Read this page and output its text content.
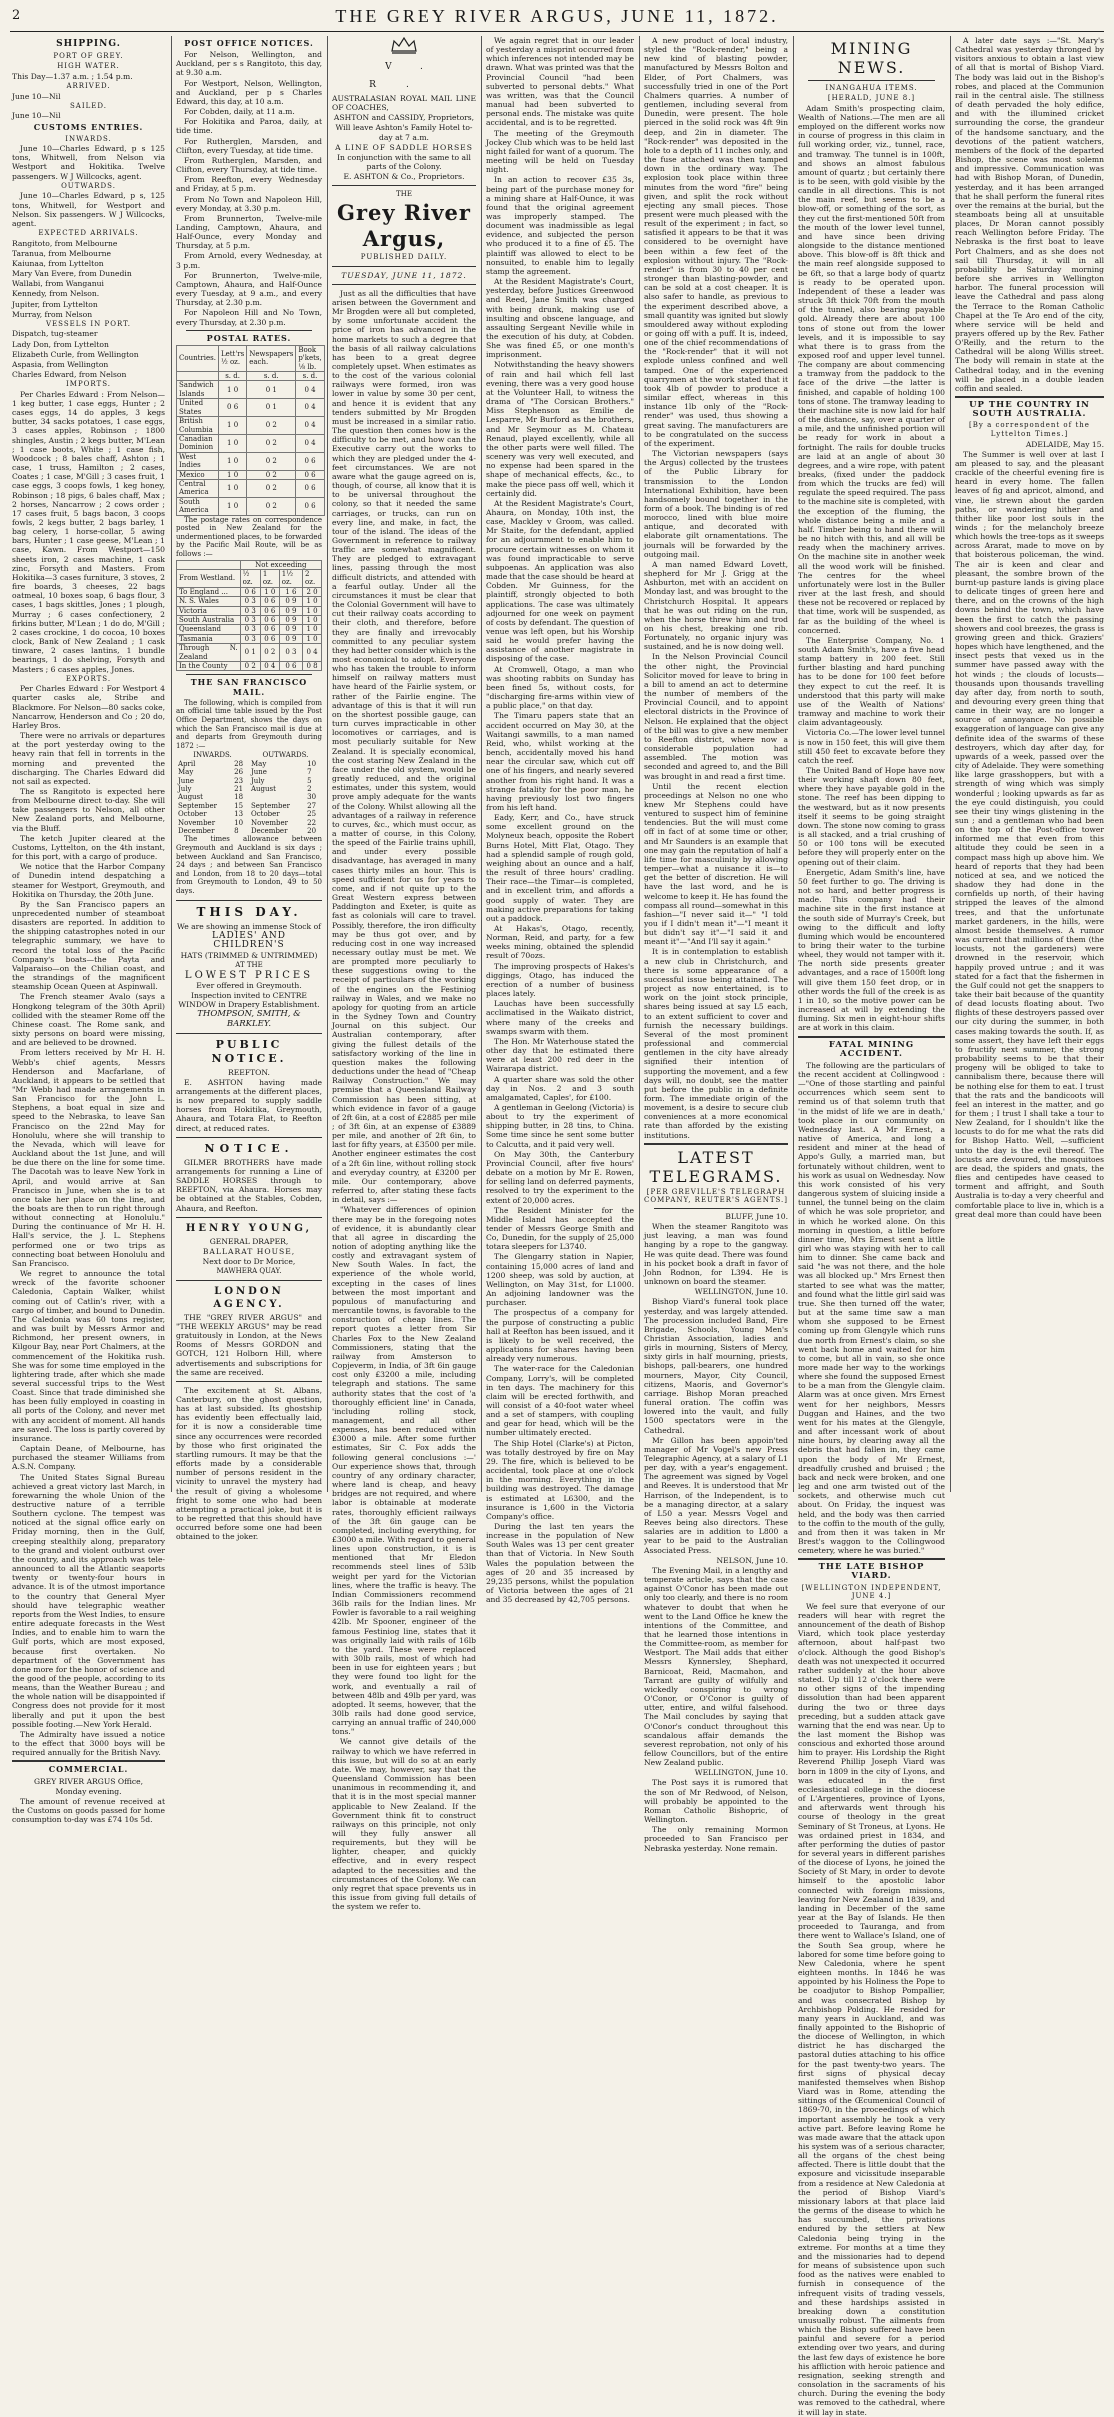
2	THE GREY RIVER ARGUS, JUNE 11, 1872.

SHIPPING.

PORT OF GREY.

HIGH WATER.

This Day—1.37 a.m. ; 1.54 p.m.

ARRIVED.

June 10—Nil

SAILED.

June 10—Nil

CUSTOMS ENTRIES.

INWARDS.

June 10—Charles Edward, p s 125 tons, Whitwell, from Nelson via Westport and Hokitika. Twelve passengers. W J Willcocks, agent.

OUTWARDS.

June 10—Charles Edward, p s, 125 tons, Whitwell, for Westport and Nelson. Six passengers. W J Willcocks, agent.

EXPECTED ARRIVALS.

Rangitoto, from Melbourne

Taranua, from Melbourne

Kaiunaa, from Lyttelton

Mary Van Evere, from Dunedin

Wallabi, from Wanganui

Kennedy, from Nelson.

Jupiter, from Lyttelton

Murray, from Nelson

VESSELS IN PORT.

Dispatch, tug-steamer

Lady Don, from Lyttelton

Elizabeth Curle, from Wellington

Aspasia, from Wellington

Charles Edward, from Nelson

IMPORTS.

Per Charles Edward : From Nelson—1 keg butter, 1 case eggs, Hunter ; 2 cases eggs, 14 do apples, 3 kegs butter, 34 sacks potatoes, 1 case eggs, 3 cases apples, Robinson ; 1800 shingles, Austin ; 2 kegs butter, M'Lean ; 1 case boots, White ; 1 case fish, Woodcock ; 8 bales chaff, Ashton ; 1 case, 1 truss, Hamilton ; 2 cases, Coates ; 1 case, M'Gill ; 3 cases fruit, 1 case eggs, 3 coops fowls, 1 keg honey, Robinson ; 18 pigs, 6 bales chaff, Max ; 2 horses, Nancarrow ; 2 cows order ; 17 cases fruit, 5 bags bacon, 3 coops fowls, 2 kegs butter, 2 bags barley, 1 bag celery, 1 horse-collar, 5 awing bars, Hunter ; 1 case geese, M'Lean ; 1 case, Kawn. From Westport—150 sheets iron, 2 cases machine, 1 cask zinc, Forsyth and Masters. From Hokitika—3 cases furniture, 3 stoves, 2 fire boards, 3 cheeses, 22 bags oatmeal, 10 boxes soap, 6 bags flour, 3 cases, 1 bags skittles, Jones ; 1 plough, Murray ; 6 cases confectionery, 2 firkins butter, M'Lean ; 1 do do, M'Gill ; 2 cases crockine, 1 do cocoa, 10 boxes clock, Bank of New Zealand ; 1 cask tinware, 2 cases lantins, 1 bundle bearings, 1 do shelving, Forsyth and Masters ; 6 cases apples, Jones.

EXPORTS.

Per Charles Edward : For Westport 4 quarter casks ale, Stribe and Blackmore. For Nelson—80 sacks coke, Nancarrow, Henderson and Co ; 20 do, Harley Bros.

There were no arrivals or departures at the port yesterday owing to the heavy rain that fell in torrents in the morning and prevented the discharging. The Charles Edward did not sail as expected.

The ss Rangitoto is expected here from Melbourne direct to-day. She will take passengers to Nelson, all other New Zealand ports, and Melbourne, via the Bluff.

The ketch Jupiter cleared at the Customs, Lyttelton, on the 4th instant, for this port, with a cargo of produce.

We notice that the Harbor Company of Dunedin intend despatching a steamer for Westport, Greymouth, and Hokitika on Thursday, the 20th June.

By the San Francisco papers an unprecedented number of steamboat disasters are reported. In addition to the shipping catastrophes noted in our telegraphic summary, we have to record the total loss of the Pacific Company's boats—the Payta and Valparaiso—on the Chilian coast, and the strandings of the magnificent steamship Ocean Queen at Aspinwall.

The French steamer Avalo (says a Hongkong telegram of the 30th April) collided with the steamer Rome off the Chinese coast. The Rome sank, and sixty persons on board were missing, and are believed to be drowned.

From letters received by Mr H. H. Webb's chief agents, Messrs Henderson and Macfarlane, of Auckland, it appears to be settled that "Mr Webb had made arrangements in San Francisco for the John L. Stephens, a boat equal in size and speed to the Nebraska, to leave San Francisco on the 22nd May for Honolulu, where she will tranship to the Nevada, which will leave for Auckland about the 1st June, and will be due there on the line for some time. The Dacotah was to leave New York in April, and would arrive at San Francisco in June, when she is to at once take her place on the line, and the boats are then to run right through without connecting at Honolulu." During the continuance of Mr H. H. Hall's service, the J. L. Stephens performed one or two trips as connecting boat between Honolulu and San Francisco.

We regret to announce the total wreck of the favorite schooner Caledonia, Captain Walker, whilst coming out of Catlin's river, with a cargo of timber, and bound to Dunedin. The Caledonia was 60 tons register, and was built by Messrs Armor and Richmond, her present owners, in Kilgour Bay, near Port Chalmers, at the commencement of the Hokitika rush. She was for some time employed in the lightering trade, after which she made several successful trips to the West Coast. Since that trade diminished she has been fully employed in coasting in all ports of the Colony, and never met with any accident of moment. All hands are saved. The loss is partly covered by insurance.

Captain Deane, of Melbourne, has purchased the steamer Williams from A.S.N. Company.

The United States Signal Bureau achieved a great victory last March, in forewarning the whole Union of the destructive nature of a terrible Southern cyclone. The tempest was noticed at the signal office early on Friday morning, then in the Gulf, creeping stealthily along, preparatory to the grand and violent outburst over the country, and its approach was tele-announced to all the Atlantic seaports twenty or twenty-four hours in advance. It is of the utmost importance to the country that General Myer should have telegraphic weather reports from the West Indies, to ensure entire adequate forecasts in the West Indies, and to enable him to warn the Gulf ports, which are most exposed, because first overtaken. No department of the Government has done more for the honor of science and the good of the people, according to its means, than the Weather Bureau ; and the whole nation will be disappointed if Congress does not provide for it most liberally and put it upon the best possible footing.—New York Herald.

The Admiralty have issued a notice to the effect that 3000 boys will be required annually for the British Navy.

COMMERCIAL.

GREY RIVER ARGUS Office,

Monday evening.

The amount of revenue received at the Customs on goods passed for home consumption to-day was £74 10s 5d.

POST OFFICE NOTICES.

For Nelson, Wellington, and Auckland, per s s Rangitoto, this day, at 9.30 a.m.

For Westport, Nelson, Wellington, and Auckland, per p s Charles Edward, this day, at 10 a.m.

For Cobden, daily, at 11 a.m.

For Hokitika and Paroa, daily, at tide time.

For Rutherglen, Marsden, and Clifton, every Tuesday, at tide time.

From Rutherglen, Marsden, and Clifton, every Thursday, at tide time.

From Reefton, every Wednesday and Friday, at 5 p.m.

From No Town and Napoleon Hill, every Monday, at 3.30 p.m.

From Brunnerton, Twelve-mile Landing, Camptown, Ahaura, and Half-Ounce, every Monday and Thursday, at 5 p.m.

From Arnold, every Wednesday, at 3 p.m.

For Brunnerton, Twelve-mile, Camptown, Ahaura, and Half-Ounce every Tuesday, at 9 a.m., and every Thursday, at 2.30 p.m.

For Napoleon Hill and No Town, every Thursday, at 2.30 p.m.

POSTAL RATES.

Countries.	Lett'rs ½ oz.	Newspapers each.	Book p'kets, ⅛ lb.
	s. d.	s. d.	s. d.
Sandwich Islands	1 0	0 1	0 4
United States	0 6	0 1	0 4
British Columbia	1 0	0 2	0 4
Canadian Dominion	1 0	0 2	0 4
West Indies	1 0	0 2	0 6
Mexico	1 0	0 2	0 6
Central America	1 0	0 2	0 6
South America	1 0	0 2	0 6

The postage rates on correspondence posted in New Zealand for the undermentioned places, to be forwarded by the Pacific Mail Route, will be as follows :—

	Not exceeding			
From Westland.	½ oz.	1 oz.	1½ oz.	2 oz.
To England ...	0 6	1 0	1 6	2 0
N. S. Wales	0 3	0 6	0 9	1 0
Victoria	0 3	0 6	0 9	1 0
South Australia	0 3	0 6	0 9	1 0
Queensland	0 3	0 6	0 9	1 0
Tasmania	0 3	0 6	0 9	1 0
Through N. Zealand	0 1	0 2	0 3	0 4
In the County	0 2	0 4	0 6	0 8

THE SAN FRANCISCO MAIL.

The following, which is compiled from an official time table issued by the Post Office Department, shows the days on which the San Francisco mail is due at and departs from Greymouth during 1872 :—

INWARDS.		OUTWARDS.	
April	28	May	10
May	26	June	7
June	23	July	5
July	21	August	2
August	18		30
September	15	September	27
October	13	October	25
November	10	November	22
December	8	December	20

The times allowance between Greymouth and Auckland is six days ; between Auckland and San Francisco, 24 days ; and between San Francisco and London, from 18 to 20 days—total from Greymouth to London, 49 to 50 days.

THIS DAY.

We are showing an immense Stock of

LADIES' AND CHILDREN'S

HATS (TRIMMED & UNTRIMMED)

AT THE

LOWEST PRICES

Ever offered in Greymouth.

Inspection invited to CENTRE WINDOW in Drapery Establishment.

THOMPSON, SMITH, & BARKLEY.

PUBLIC NOTICE.

REEFTON.

E. ASHTON having made arrangements at the different places, is now prepared to supply saddle horses from Hokitika, Greymouth, Ahaura, and Totara Flat, to Reefton direct, at reduced rates.

NOTICE.

GILMER BROTHERS have made arrangements for running a Line of SADDLE HORSES through to REEFTON, via Ahaura. Horses may be obtained at the Stables, Cobden, Ahaura, and Reefton.

HENRY YOUNG,

GENERAL DRAPER,

BALLARAT HOUSE,

Next door to Dr Morice,

MAWHERA QUAY.

LONDON AGENCY.

THE "GREY RIVER ARGUS" and "THE WEEKLY ARGUS" may be read gratuitously in London, at the News Rooms of Messrs GORDON and GOTCH, 121 Holborn Hill, where advertisements and subscriptions for the same are received.

The excitement at St. Albans, Canterbury, on the ghost question, has at last subsided. Its ghostship has evidently been effectually laid, for it is now a considerable time since any occurrences were recorded by those who first originated the startling rumours. It may be that the efforts made by a considerable number of persons resident in the vicinity to unravel the mystery had the result of giving a wholesome fright to some one who had been attempting a practical joke, but it is to be regretted that this should have occurred before some one had been obtained to the joker.

V. R.

AUSTRALASIAN ROYAL MAIL LINE OF COACHES,

ASHTON and CASSIDY, Proprietors,

Will leave Ashton's Family Hotel to-day at 7 a.m.

A LINE OF SADDLE HORSES

In conjunction with the same to all parts of the Colony.

E. ASHTON & Co., Proprietors.

THE

Grey River Argus,

PUBLISHED DAILY.

TUESDAY, JUNE 11, 1872.

Just as all the difficulties that have arisen between the Government and Mr Brogden were all but completed, by some unfortunate accident the price of iron has advanced in the home markets to such a degree that the basis of all railway calculations has been to a great degree completely upset. When estimates as to the cost of the various colonial railways were formed, iron was lower in value by some 30 per cent, and hence it is evident that any tenders submitted by Mr Brogden must be increased in a similar ratio. The question then comes how is the difficulty to be met, and how can the Executive carry out the works to which they are pledged under the 4-feet circumstances. We are not aware what the gauge agreed on is, though, of course, all know that it is to be universal throughout the colony, so that it needed the same carriages, or trucks, can run on every line, and make, in fact, the tour of the island. The ideas of the Government in reference to railway traffic are somewhat magnificent. They are pledged to extravagant lines, passing through the most difficult districts, and attended with a fearful outlay. Under all the circumstances it must be clear that the Colonial Government will have to cut their railway coats according to their cloth, and therefore, before they are finally and irrevocably committed to any peculiar system they had better consider which is the most economical to adopt. Everyone who has taken the trouble to inform himself on railway matters must have heard of the Fairlie system, or rather of the Fairlie engine. The advantage of this is that it will run on the shortest possible gauge, can turn curves impracticable in other locomotives or carriages, and is most peculiarly suitable for New Zealand. It is specially economical, the cost staring New Zealand in the face under the old system, would be greatly reduced, and the original estimates, under this system, would prove amply adequate for the wants of the Colony. Whilst allowing all the advantages of a railway in reference to curves, &c., which must occur, as a matter of course, in this Colony, the speed of the Fairlie trains uphill, and under every possible disadvantage, has averaged in many cases thirty miles an hour. This is speed sufficient for us for years to come, and if not quite up to the Great Western express between Paddington and Exeter, is quite as fast as colonials will care to travel. Possibly, therefore, the iron difficulty may be thus got over, and by reducing cost in one way increased necessary outlay must be met. We are prompted more peculiarly to these suggestions owing to the receipt of particulars of the working of the engines on the Festiniog railway in Wales, and we make no apology for quoting from an article in the Sydney Town and Country Journal on this subject. Our Australian contemporary, after giving the fullest details of the satisfactory working of the line in question makes the following deductions under the head of "Cheap Railway Construction." We may premise that a Queensland Railway Commission has been sitting, at which evidence in favor of a gauge of 2ft 6in, at a cost of £2885 per mile ; of 3ft 6in, at an expense of £3889 per mile, and another of 2ft 6in, to last for fifty years, at £3500 per mile. Another engineer estimates the cost of a 2ft 6in line, without rolling stock and everyday country, at £3200 per mile. Our contemporary, above referred to, after stating these facts in detail, says :—

"Whatever differences of opinion there may be in the foregoing notes of evidence, it is abundantly clear that all agree in discarding the notion of adopting anything like the costly and extravagant system of New South Wales. In fact, the experience of the whole world, excepting in the cases of lines between the most important and populous of manufacturing and mercantile towns, is favorable to the construction of cheap lines. The report quotes a letter from Sir Charles Fox to the New Zealand Commissioners, stating that the railway from Amsterson to Copjeverm, in India, of 3ft 6in gauge cost only £3200 a mile, including telegraph and stations. The same authority states that the cost of 'a thoroughly efficient line' in Canada, 'including rolling stock, management, and all other expenses, has been reduced within £3000 a mile. After some further estimates, Sir C. Fox adds the following general conclusions :—' Our experience shows that, through country of any ordinary character, where land is cheap, and heavy bridges are not required, and where labor is obtainable at moderate rates, thoroughly efficient railways of the 3ft 6in gauge can be completed, including everything, for £3000 a mile. With regard to general lines upon construction, it is is mentioned that Mr Eledon recommends steel lines of 53lb weight per yard for the Victorian lines, where the traffic is heavy. The Indian Commissioners recommend 36lb rails for the Indian lines. Mr Fowler is favorable to a rail weighing 42lb. Mr Spooner, engineer of the famous Festiniog line, states that it was originally laid with rails of 16lb to the yard. These were replaced with 30lb rails, most of which had been in use for eighteen years ; but they were found too light for the work, and eventually a rail of between 48lb and 49lb per yard, was adopted. It seems, however, that the 30lb rails had done good service, carrying an annual traffic of 240,000 tons."

We cannot give details of the railway to which we have referred in this issue, but will do so at an early date. We may, however, say that the Queensland Commission has been unanimous in recommending it, and that it is in the most special manner applicable to New Zealand. If the Government think fit to construct railways on this principle, not only will they fully answer all requirements, but they will be lighter, cheaper, and quickly effective, and in every respect adapted to the necessities and the circumstances of the Colony. We can only regret that space prevents us in this issue from giving full details of the system we refer to.

We again regret that in our leader of yesterday a misprint occurred from which inferences not intended may be drawn. What was printed was that the Provincial Council "had been subverted to personal debts." What was written, was that the Council manual had been subverted to personal ends. The mistake was quite accidental, and is to be regretted.

The meeting of the Greymouth Jockey Club which was to be held last night failed for want of a quorum. The meeting will be held on Tuesday night.

In an action to recover £35 3s, being part of the purchase money for a mining share at Half-Ounce, it was found that the original agreement was improperly stamped. The document was inadmissible as legal evidence, and subjected the person who produced it to a fine of £5. The plaintiff was allowed to elect to be nonsuited, to enable him to legally stamp the agreement.

At the Resident Magistrate's Court, yesterday, before Justices Greenwood and Reed, Jane Smith was charged with being drunk, making use of insulting and obscene language, and assaulting Sergeant Neville while in the execution of his duty, at Cobden. She was fined £5, or one month's imprisonment.

Notwithstanding the heavy showers of rain and hail which fell last evening, there was a very good house at the Volunteer Hall, to witness the drama of "The Corsican Brothers." Miss Stephenson as Emilie de Lesparre, Mr Burford as the brothers, and Mr Seymour as M. Chateau Renaud, played excellently, while all the other parts were well filled. The scenery was very well executed, and no expense had been spared in the shape of mechanical effects, &c., to make the piece pass off well, which it certainly did.

At the Resident Magistrate's Court, Ahaura, on Monday, 10th inst, the case, Mackley v Groom, was called. Mr Staite, for the defendant, applied for an adjournment to enable him to procure certain witnesses on whom it was found impracticable to serve subpoenas. An application was also made that the case should be heard at Cobden. Mr Guinness, for the plaintiff, strongly objected to both applications. The case was ultimately adjourned for one week on payment of costs by defendant. The question of venue was left open, but his Worship said he would prefer having the assistance of another magistrate in disposing of the case.

At Cromwell, Otago, a man who was shooting rabbits on Sunday has been fined 5s, without costs, for "discharging fire-arms within view of a public place," on that day.

The Timaru papers state that an accident occurred on May 30, at the Waitangi sawmills, to a man named Reid, who, whilst working at the bench, accidentally moved his hand near the circular saw, which cut off one of his fingers, and nearly severed another from his right hand. It was a strange fatality for the poor man, he having previously lost two fingers from his left hand.

Eady, Kerr, and Co., have struck some excellent ground on the Molyneux beach, opposite the Robert Burns Hotel, Mitt Flat, Otago. They had a splendid sample of rough gold, weighing about an ounce and a half, the result of three hours' cradling. Their race—the Timar—is completed, and in excellent trim, and affords a good supply of water. They are making active preparations for taking out a paddock.

At Hakas's, Otago, recently, Norman, Reid, and party, for a few weeks mining, obtained the splendid result of 70ozs.

The improving prospects of Hakes's diggings, Otago, has induced the erection of a number of business places lately.

Lauchas have been successfully acclimatised in the Waikato district, where many of the creeks and swamps swarm with them.

The Hon. Mr Waterhouse stated the other day that he estimated there were at least 200 red deer in the Wairarapa district.

A quarter share was sold the other day in Nos. 2 and 3 south amalgamated, Caples', for £100.

A gentleman in Geelong (Victoria) is about to try the experiment of shipping butter, in 28 tins, to China. Some time since he sent some butter to Calcutta, and it paid very well.

On May 30th, the Canterbury Provincial Council, after five hours' debate on a motion by Mr E. Rowen, for selling land on deferred payments, resolved to try the experiment to the extent of 20,000 acres.

The Resident Minister for the Middle Island has accepted the tender of Messrs George Smith and Co, Dunedin, for the supply of 25,000 totara sleepers for L3740.

The Glengarry station in Napier, containing 15,000 acres of land and 1200 sheep, was sold by auction, at Wellington, on May 31st, for L1000. An adjoining landowner was the purchaser.

The prospectus of a company for the purpose of constructing a public hall at Reefton has been issued, and it is likely to be well received, the applications for shares having been already very numerous.

The water-race for the Caledonian Company, Lorry's, will be completed in ten days. The machinery for this claim will be erected forthwith, and will consist of a 40-foot water wheel and a set of stampers, with coupling and gear for head, which will be the number ultimately erected.

The Ship Hotel (Clarke's) at Picton, was totally destroyed by fire on May 29. The fire, which is believed to be accidental, took place at one o'clock in the morning. Everything in the building was destroyed. The damage is estimated at L6300, and the insurance is 1,600 in the Victoria Company's office.

During the last ten years the increase in the population of New South Wales was 13 per cent greater than that of Victoria. In New South Wales the population between the ages of 20 and 35 increased by 29,235 persons, whilst the population of Victoria between the ages of 21 and 35 decreased by 42,705 persons.

A new product of local industry, styled the "Rock-render," being a new kind of blasting powder, manufactured by Messrs Bolton and Elder, of Port Chalmers, was successfully tried in one of the Port Chalmers quarries. A number of gentlemen, including several from Dunedin, were present. The hole pierced in the solid rock was 4ft 9in deep, and 2in in diameter. The "Rock-render" was deposited in the hole to a depth of 11 inches only, and the fuse attached was then tamped down in the ordinary way. The explosion took place within three minutes from the word "fire" being given, and split the rock without ejecting any small pieces. Those present were much pleased with the result of the experiment ; in fact, so satisfied it appears to be that it was considered to be overnight have been within a few feet of the explosion without injury. The "Rock-render" is from 30 to 40 per cent stronger than blasting-powder, and can be sold at a cost cheaper. It is also safer to handle, as previous to the experiment described above, a small quantity was ignited but slowly smouldered away without exploding or going off with a puff. It is, indeed, one of the chief recommendations of the "Rock-render" that it will not explode unless confined and well tamped. One of the experienced quarrymen at the work stated that it took 4lb of powder to produce a similar effect, whereas in this instance 1lb only of the "Rock-render" was used, thus showing a great saving. The manufacturers are to be congratulated on the success of the experiment.

The Victorian newspapers (says the Argus) collected by the trustees of the Public Library for transmission to the London International Exhibition, have been handsomely bound together in the form of a book. The binding is of red morocco, lined with blue moire antique, and decorated with elaborate gilt ornamentations. The journals will be forwarded by the outgoing mail.

A man named Edward Lovett, shepherd for Mr J. Grigg at the Ashburton, met with an accident on Monday last, and was brought to the Christchurch Hospital. It appears that he was out riding on the run, when the horse threw him and trod on his chest, breaking one rib. Fortunately, no organic injury was sustained, and he is now doing well.

In the Nelson Provincial Council the other night, the Provincial Solicitor moved for leave to bring in a bill to amend an act to determine the number of members of the Provincial Council, and to appoint electoral districts in the Province of Nelson. He explained that the object of the bill was to give a new member to Reefton district, where now a considerable population had assembled. The motion was seconded and agreed to, and the Bill was brought in and read a first time.

Until the recent election proceedings at Nelson no one who knew Mr Stephens could have ventured to suspect him of feminine tendencies. But the will must come off in fact of at some time or other, and Mr Saunders is an example that one may gain the reputation of half a life time for masculinity by allowing temper—what a nuisance it is—to get the better of discretion. He will have the last word, and he is welcome to keep it. He has found the compass all round—somewhat in this fashion—"I never said it—" "I told you if I didn't mean it"—"I meant it but didn't say it"—"I said it and meant it"—"And I'll say it again."

It is in contemplation to establish a new club in Christchurch, and there is some appearance of a successful issue being attained. The project as now entertained, is to work on the joint stock principle, shares being issued at say L5 each, to an extent sufficient to cover and furnish the necessary buildings. Several of the most prominent professional and commercial gentlemen in the city have already signified their intention of supporting the movement, and a few days will, no doubt, see the matter put before the public in a definite form. The immediate origin of the movement, is a desire to secure club conveniences at a more economical rate than afforded by the existing institutions.

LATEST TELEGRAMS.

[PER GREVILLE'S TELEGRAPH COMPANY, REUTER'S AGENTS.]

BLUFF, June 10.

When the steamer Rangitoto was just leaving, a man was found hanging by a rope to the gangway. He was quite dead. There was found in his pocket book a draft in favor of John Rodnon, for L394. He is unknown on board the steamer.

WELLINGTON, June 10.

Bishop Viard's funeral took place yesterday, and was largely attended. The procession included Band, Fire Brigade, Schools, Young Men's Christian Association, ladies and girls in mourning, Sisters of Mercy, sixty girls in half mourning, priests, bishops, pall-bearers, one hundred mourners, Mayor, City Council, citizens, Maoris, and Governor's carriage. Bishop Moran preached funeral oration. The coffin was lowered into the vault, and fully 1500 spectators were in the Cathedral.

Mr Gillon has been appoin'ted manager of Mr Vogel's new Press Telegraphic Agency, at a salary of L1 per day, with a year's engagement. The agreement was signed by Vogel and Reeves. It is understood that Mr Harrison, of the Independent, is to be a managing director, at a salary of L50 a year. Messrs Vogel and Reeves being also directors. These salaries are in addition to L800 a year to be paid to the Australian Associated Press.

NELSON, June 10.

The Evening Mail, in a lengthy and temperate article, says that the case against O'Conor has been made out only too clearly, and there is no room whatever to doubt that when he went to the Land Office he knew the intentions of the Committee, and that he learned those intentions in the Committee-room, as member for Westport. The Mail adds that either Messrs Kynnersley, Shephard, Barnicoat, Reid, Macmahon, and Tarrant are guilty of wilfully and wickedly conspiring to wrong O'Conor, or O'Conor is guilty of utter, entire, and wilful falsehood. The Mail concludes by saying that O'Conor's conduct throughout this scandalous affair demands the severest reprobation, not only of his fellow Councillors, but of the entire New Zealand public.

WELLINGTON, June 10.

The Post says it is rumored that the son of Mr Redwood, of Nelson, will probably be appointed to the Roman Catholic Bishopric, of Wellington.

The only remaining Mormon proceeded to San Francisco per Nebraska yesterday. None remain.

MINING NEWS.

INANGAHUA ITEMS.

[HERALD, JUNE 8.]

Adam Smith's prospecting claim, Wealth of Nations.—The men are all employed on the different works now in course of progress in this claim in full working order, viz., tunnel, race, and tramway. The tunnel is in 100ft, and shows an almost fabulous amount of quartz ; but certainly there is to be seen, with gold visible by the candle in all directions. This is not the main reef, but seems to be a blow-off, or something of the sort, as they cut the first-mentioned 50ft from the mouth of the lower level tunnel, and have since been driving alongside to the distance mentioned above. This blow-off is 8ft thick and the main reef alongside supposed to be 6ft, so that a large body of quartz is ready to be operated upon. Independent of these a leader was struck 3ft thick 70ft from the mouth of the tunnel, also bearing payable gold. Already there are about 100 tons of stone out from the lower levels, and it is impossible to say what there is to grass from the exposed roof and upper level tunnel. The company are about commencing a tramway from the paddock to the face of the drive —the latter is finished, and capable of holding 100 tons of stone. The tramway leading to their machine site is now laid for half of the distance, say, over a quarter of a mile, and the unfinished portion will be ready for work in about a fortnight. The rails for double trucks are laid at an angle of about 30 degrees, and a wire rope, with patent breaks, (fixed under the paddock from which the trucks are fed) will regulate the speed required. The pass to the machine site is completed, with the exception of the fluming, the whole distance being a mile and a half. Timber being to hand there will be no hitch with this, and all will be ready when the machinery arrives. On the machine site in another week all the wood work will be finished. The centres for the wheel unfortunately were lost in the Buller river at the last fresh, and should these not be recovered or replaced by that time, work will be suspended, as far as the building of the wheel is concerned.

The Enterprise Company, No. 1 south Adam Smith's, have a five head stamp battery in 200 feet. Still further blasting and hard punching has to be done for 100 feet before they expect to cut the reef. It is understood that this party will make use of the Wealth of Nations' tramway and machine to work their claim advantageously.

Victoria Co.—The lower level tunnel is now in 150 feet, this will give them still 450 feet to excavate before they catch the reef.

The United Band of Hope have now their working shaft down 80 feet, where they have payable gold in the stone. The reef has been dipping to the westward, but as it now presents itself it seems to be going straight down. The stone now coming to grass is all stacked, and a trial crushing of 50 or 100 tons will be executed before they will properly enter on the opening out of their claim.

Energetic, Adam Smith's line, have 50 feet further to go. The driving is not so hard, and better progress is made. This company had their machine site in the first instance at the south side of Murray's Creek, but owing to the difficult and lofty fluming which would be encountered to bring their water to the turbine wheel, they would not tamper with it. The north side presents greater advantages, and a race of 1500ft long will give them 150 feet drop, or in other words the full of the creek is as 1 in 10, so the motive power can be increased at will by extending the fluming. Six men in eight-hour shifts are at work in this claim.

FATAL MINING ACCIDENT.

The following are the particulars of the recent accident at Collingwood :—"One of those startling and painful occurrences which seem sent to remind us of that solemn truth that 'in the midst of life we are in death,' took place in our community on Wednesday last. A Mr Ernest, a native of America, and long a resident and miner at the head of Appo's Gully, a married man, but fortunately without children, went to his work as usual on Wednesday. Now this work consisted of his very dangerous system of sluicing inside a tunnel, the tunnel being on the claim of which he was sole proprietor, and in which he worked alone. On this morning in question, a little before dinner time, Mrs Ernest sent a little girl who was staying with her to call him to dinner. She came back and said "he was not there, and the hole was all blocked up." Mrs Ernest then started to see what was the matter, and found what the little girl said was true. She then turned off the water, but at the same time saw a man whom she supposed to be Ernest coming up from Glengyle which runs due north from Ernest's claim, so she went back home and waited for him to come, but all in vain, so she once more made her way to the workings where she found the supposed Ernest to be a man from the Glengyle claim. Alarm was at once given. Mrs Ernest went for her neighbors, Messrs Duggan and Haines, and the two went for his mates at the Glengyle, and after incessant work of about nine hours, by clearing away all the debris that had fallen in, they came upon the body of Mr Ernest, dreadfully crushed and bruised ; the back and neck were broken, and one leg and one arm twisted out of the sockets, and otherwise much cut about. On Friday, the inquest was held, and the body was then carried to the coffin to the mouth of the gully, and from then it was taken in Mr Brest's waggon to the Collingwood cemetery, where he was buried."

THE LATE BISHOP VIARD.

[WELLINGTON INDEPENDENT, JUNE 4.]

We feel sure that everyone of our readers will hear with regret the announcement of the death of Bishop Viard, which took place yesterday afternoon, about half-past two o'clock. Although the good Bishop's death was not unexpected it occurred rather suddenly at the hour above stated. Up till 12 o'clock there were no other signs of the impending dissolution than had been apparent during the two or three days preceding, but a sudden attack gave warning that the end was near. Up to the last moment the Bishop was conscious and exhorted those around him to prayer. His Lordship the Right Reverend Phillip Joseph Viard was born in 1809 in the city of Lyons, and was educated in the first ecclesiastical college in the diocese of L'Argentieres, province of Lyons, and afterwards went through his course of theology in the great Seminary of St Troneus, at Lyons. He was ordained priest in 1834, and after performing the duties of pastor for several years in different parishes of the diocese of Lyons, he joined the Society of St Mary, in order to devote himself to the apostolic labor connected with foreign missions, leaving for New Zealand in 1839, and landing in December of the same year at the Bay of Islands. He then proceeded to Tauranga, and from there went to Wallace's Island, one of the South Sea group, where he labored for some time before going to New Caledonia, where he spent eighteen months. In 1846 he was appointed by his Holiness the Pope to be coadjutor to Bishop Pompallier, and was consecrated Bishop by Archbishop Polding. He resided for many years in Auckland, and was finally appointed to the Bishopric of the diocese of Wellington, in which district he has discharged the pastoral duties attaching to his office for the past twenty-two years. The first signs of physical decay manifested themselves when Bishop Viard was in Rome, attending the sittings of the Œcumenical Council of 1869-70, in the proceedings of which important assembly he took a very active part. Before leaving Rome he was made aware that the attack upon his system was of a serious character, all the organs of the chest being affected. There is little doubt that the exposure and vicissitude inseparable from a residence at New Caledonia at the period of Bishop Viard's missionary labors at that place laid the germs of the disease to which he has succumbed, the privations endured by the settlers at New Caledonia being trying in the extreme. For months at a time they and the missionaries had to depend for means of subsistence upon such food as the natives were enabled to furnish in consequence of the infrequent visits of trading vessels, and these hardships assisted in breaking down a constitution unusually robust. The ailments from which the Bishop suffered have been painful and severe for a period extending over two years, and during the last few days of existence he bore his affliction with heroic patience and resignation, seeking strength and consolation in the sacraments of his church. During the evening the body was removed to the cathedral, where it will lay in state.

A later date says :—"St. Mary's Cathedral was yesterday thronged by visitors anxious to obtain a last view of all that is mortal of Bishop Viard. The body was laid out in the Bishop's robes, and placed at the Communion rail in the central aisle. The stillness of death pervaded the holy edifice, and with the illumined cricket surrounding the corse, the grandeur of the handsome sanctuary, and the devotions of the patient watchers, members of the flock of the departed Bishop, the scene was most solemn and impressive. Communication was had with Bishop Moran, of Dunedin, yesterday, and it has been arranged that he shall perform the funeral rites over the remains at the burial, but the steamboats being all at unsuitable places, Dr Moran cannot possibly reach Wellington before Friday. The Nebraska is the first boat to leave Port Chalmers, and as she does not sail till Thursday, it will in all probability be Saturday morning before she arrives in Wellington harbor. The funeral procession will leave the Cathedral and pass along the Terrace to the Roman Catholic Chapel at the Te Aro end of the city, where service will be held and prayers offered up by the Rev. Father O'Reilly, and the return to the Cathedral will be along Willis street. The body will remain in state at the Cathedral today, and in the evening will be placed in a double leaden coffin and sealed.

UP THE COUNTRY IN SOUTH AUSTRALIA.

[By a correspondent of the Lyttelton Times.]

ADELAIDE, May 15.

The Summer is well over at last I am pleased to say, and the pleasant crackle of the cheerful evening fire is heard in every home. The fallen leaves of fig and apricot, almond, and vine, lie strewn about the garden paths, or wandering hither and thither like poor lost souls in the winds ; for the melancholy breeze which howls the tree-tops as it sweeps across Ararat, made to move on by that boisterous policeman, the wind. The air is keen and clear and pleasant, the sombre brown of the burnt-up pasture lands is giving place to delicate tinges of green here and there, and on the crowns of the high downs behind the town, which have been the first to catch the passing showers and cool breezes, the grass is growing green and thick. Graziers' hopes which have lengthened, and the insect pests that vexed us in the summer have passed away with the hot winds ; the clouds of locusts—thousands upon thousands travelling day after day, from north to south, and devouring every green thing that came in their way, are no longer a source of annoyance. No possible exaggeration of language can give any definite idea of the swarms of these destroyers, which day after day, for upwards of a week, passed over the city of Adelaide. They were something like large grasshoppers, but with a strength of wing which was simply wonderful ; looking upwards as far as the eye could distinguish, you could see their tiny wings glistening in the sun ; and a gentleman who had been on the top of the Post-office tower informed me that even from this altitude they could be seen in a compact mass high up above him. We heard of reports that they had been noticed at sea, and we noticed the shadow they had done in the cornfields up north, of their having stripped the leaves of the almond trees, and that the unfortunate market gardeners, in the hills, were almost beside themselves. A rumor was current that millions of them (the locusts, not the gardeners) were drowned in the reservoir, which happily proved untrue ; and it was stated for a fact that the fishermen in the Gulf could not get the snappers to take their bait because of the quantity of dead locusts floating about. Two flights of these destroyers passed over our city during the summer, in both cases making towards the south. If, as some assert, they have left their eggs to fructify next summer, the strong probability seems to be that their progeny will be obliged to take to cannibalism there, because there will be nothing else for them to eat. I trust that the rats and the bandicoots will feel an interest in the matter, and go for them ; I trust I shall take a tour to New Zealand, for I shouldn't like the locusts to do for me what the rats did for Bishop Hatto. Well, —sufficient unto the day is the evil thereof. The locusts are devoured, the mosquitoes are dead, the spiders and gnats, the flies and centipedes have ceased to torment and affright, and South Australia is to-day a very cheerful and comfortable place to live in, which is a great deal more than could have been
